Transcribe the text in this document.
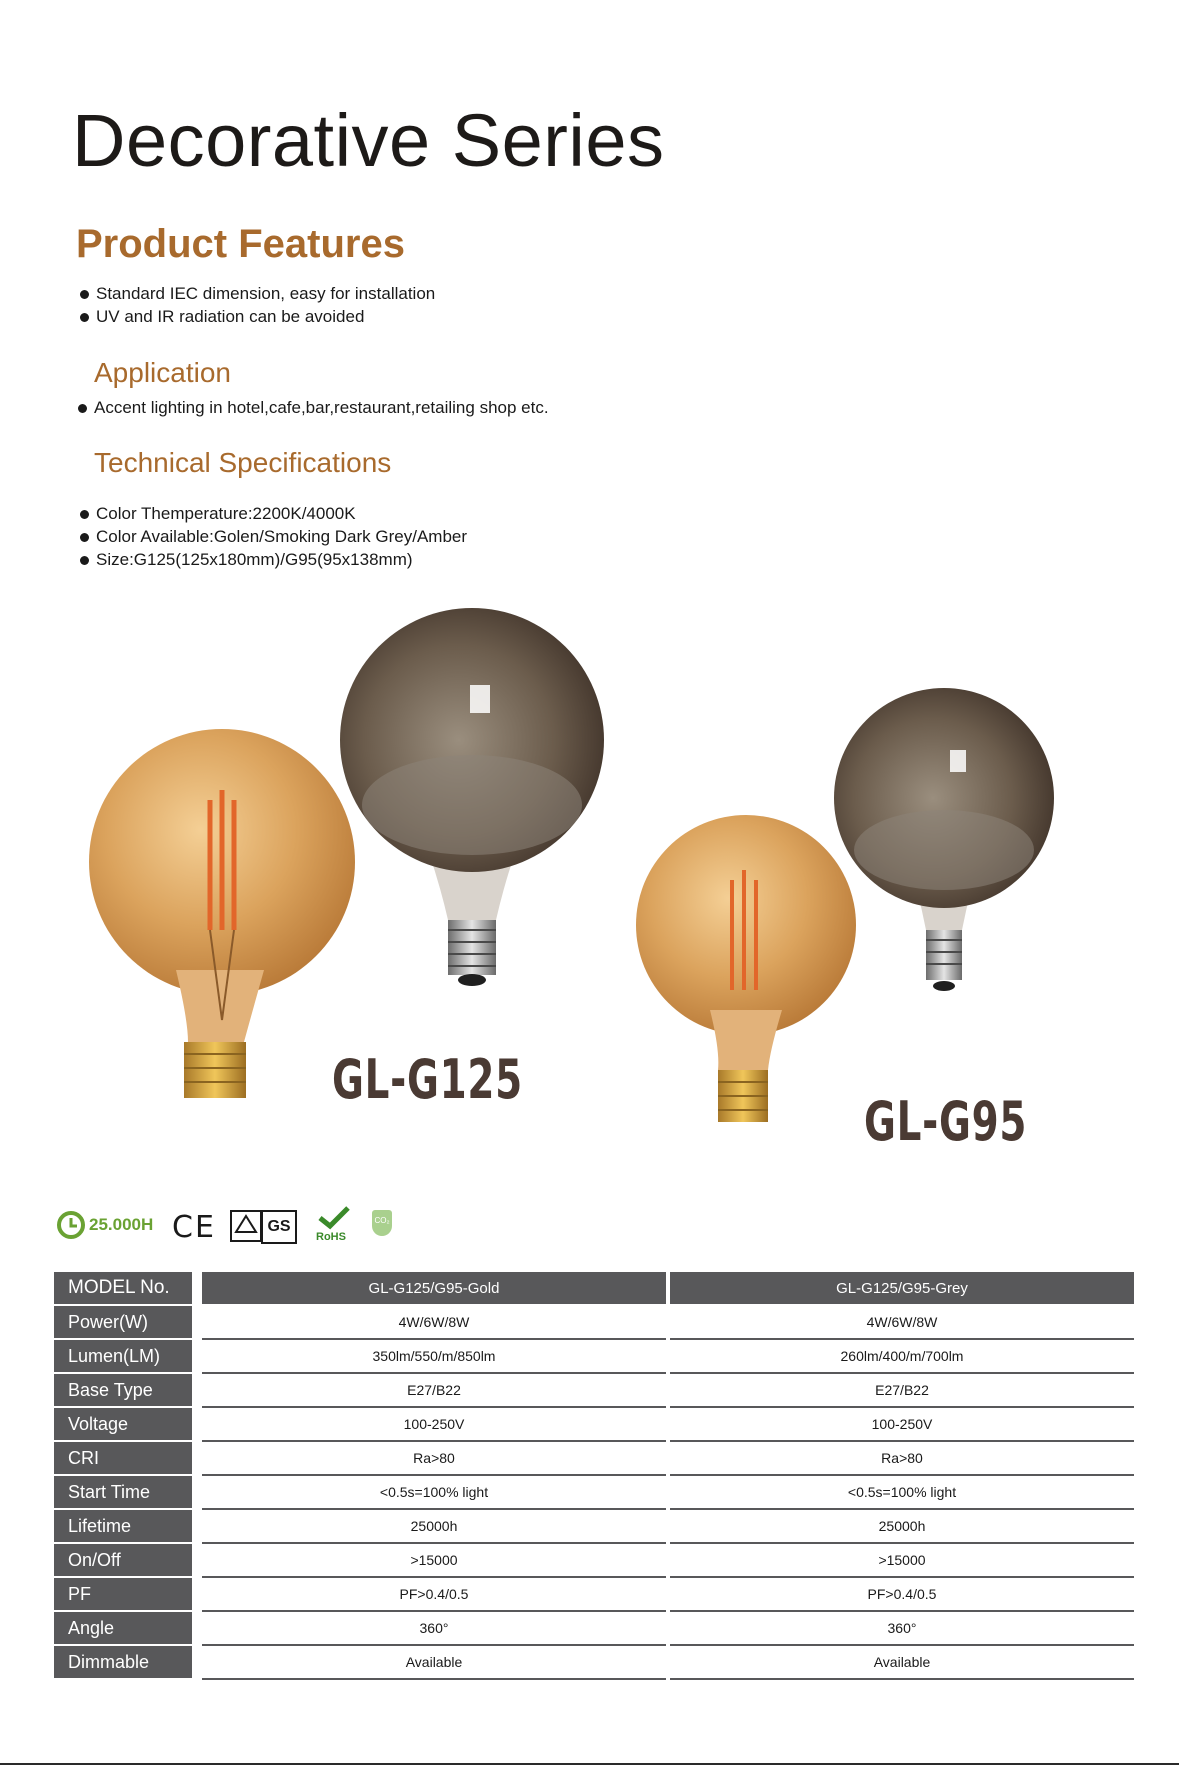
Decorative Series
Product Features
Standard IEC dimension, easy for installation
UV and IR radiation can be avoided
Application
Accent lighting in hotel,cafe,bar,restaurant,retailing shop etc.
Technical Specifications
Color Themperature:2200K/4000K
Color Available:Golen/Smoking Dark Grey/Amber
Size:G125(125x180mm)/G95(95x138mm)
GL-G125
GL-G95
25.000H CE	GS
RoHS
CO₂
MODEL No.		GL-G125/G95-Gold		GL-G125/G95-Grey
Power(W)		4W/6W/8W		4W/6W/8W
Lumen(LM)		350lm/550/m/850lm		260lm/400/m/700lm
Base Type		E27/B22		E27/B22
Voltage		100-250V		100-250V
CRI		Ra>80		Ra>80
Start Time		<0.5s=100% light		<0.5s=100% light
Lifetime		25000h		25000h
On/Off		>15000		>15000
PF		PF>0.4/0.5		PF>0.4/0.5
Angle		360°		360°
Dimmable		Available		Available
